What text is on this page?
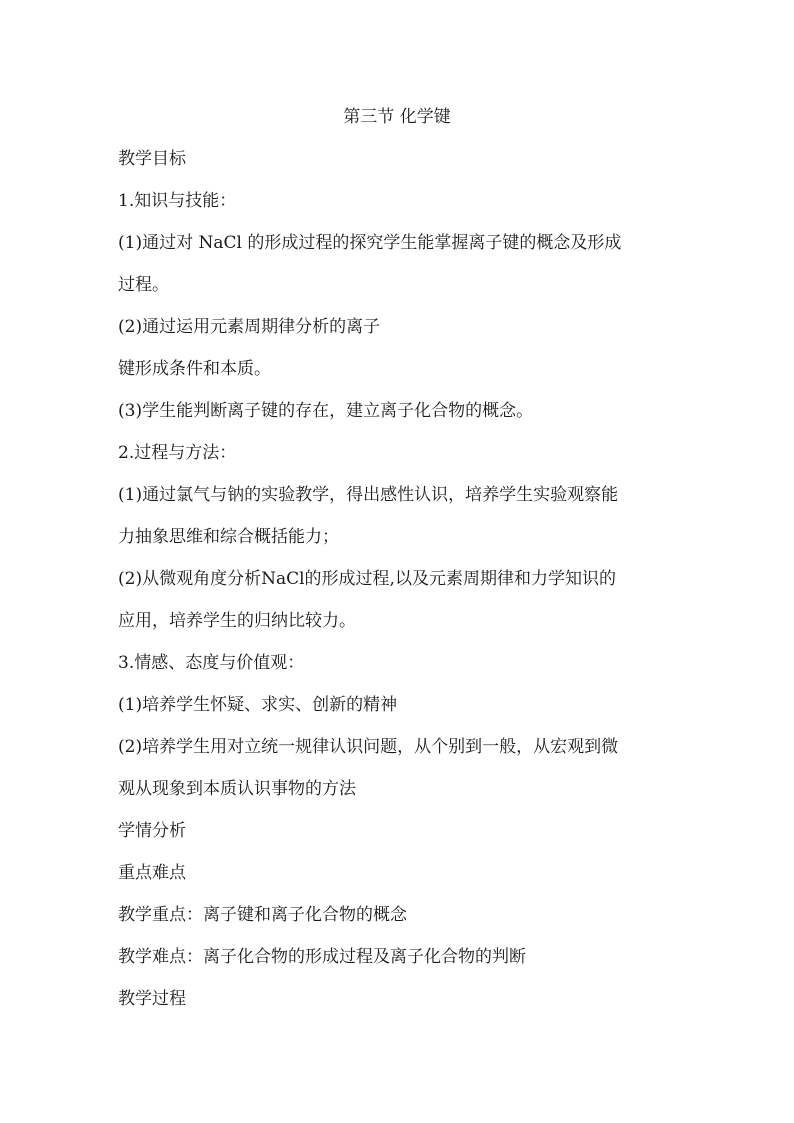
第三节 化学键

教学目标

1.知识与技能：

(1)通过对 NaCl 的形成过程的探究学生能掌握离子键的概念及形成

过程。

(2)通过运用元素周期律分析的离子

键形成条件和本质。

(3)学生能判断离子键的存在，建立离子化合物的概念。

2.过程与方法：

(1)通过氯气与钠的实验教学，得出感性认识，培养学生实验观察能

力抽象思维和综合概括能力；

(2)从微观角度分析NaCl的形成过程,以及元素周期律和力学知识的

应用，培养学生的归纳比较力。

3.情感、态度与价值观：

(1)培养学生怀疑、求实、创新的精神

(2)培养学生用对立统一规律认识问题，从个别到一般，从宏观到微

观从现象到本质认识事物的方法

学情分析

重点难点

教学重点：离子键和离子化合物的概念

教学难点：离子化合物的形成过程及离子化合物的判断

教学过程
